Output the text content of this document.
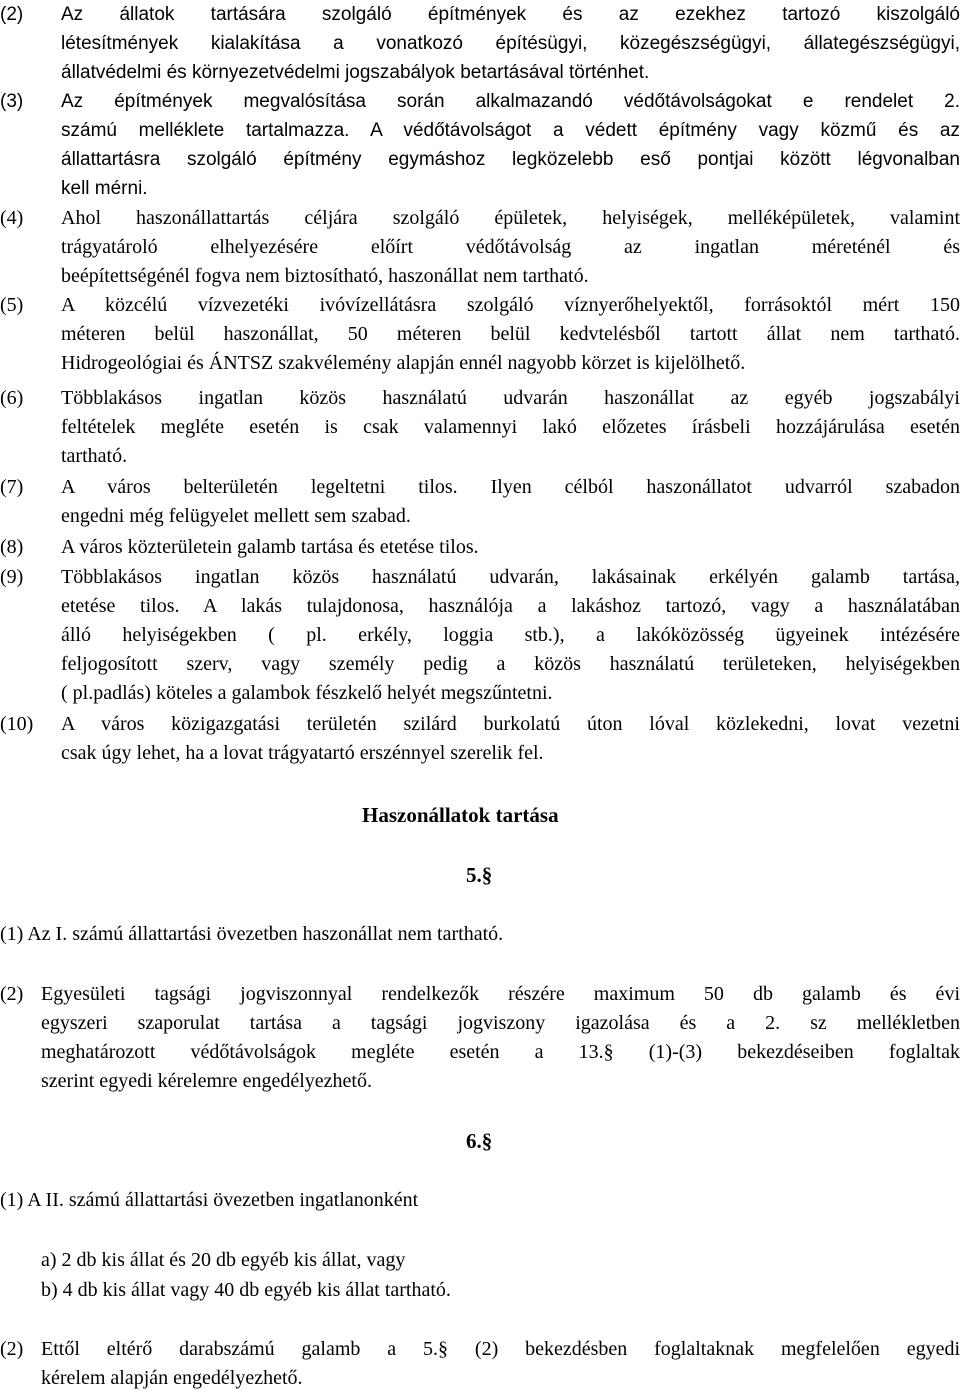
(2)	Az állatok tartására szolgáló építmények és az ezekhez tartozó kiszolgáló
létesítmények kialakítása a vonatkozó építésügyi, közegészségügyi, állategészségügyi,
állatvédelmi és környezetvédelmi jogszabályok betartásával történhet.
(3)	Az építmények megvalósítása során alkalmazandó védőtávolságokat e rendelet 2.
számú melléklete tartalmazza. A védőtávolságot a védett építmény vagy közmű és az
állattartásra szolgáló építmény egymáshoz legközelebb eső pontjai között légvonalban
kell mérni.
(4)	Ahol haszonállattartás céljára szolgáló épületek, helyiségek, melléképületek, valamint
trágyatároló elhelyezésére előírt védőtávolság az ingatlan méreténél és
beépítettségénél fogva nem biztosítható, haszonállat nem tartható.
(5)	A közcélú vízvezetéki ivóvízellátásra szolgáló víznyerőhelyektől, forrásoktól mért 150
méteren belül haszonállat, 50 méteren belül kedvtelésből tartott állat nem tartható.
Hidrogeológiai és ÁNTSZ szakvélemény alapján ennél nagyobb körzet is kijelölhető.
(6)	Többlakásos ingatlan közös használatú udvarán haszonállat az egyéb jogszabályi
feltételek megléte esetén is csak valamennyi lakó előzetes írásbeli hozzájárulása esetén
tartható.
(7)	A város belterületén legeltetni tilos. Ilyen célból haszonállatot udvarról szabadon
engedni még felügyelet mellett sem szabad.
(8)	A város közterületein galamb tartása és etetése tilos.
(9)	Többlakásos ingatlan közös használatú udvarán, lakásainak erkélyén galamb tartása,
etetése tilos. A lakás tulajdonosa, használója a lakáshoz tartozó, vagy a használatában
álló helyiségekben ( pl. erkély, loggia stb.), a lakóközösség ügyeinek intézésére
feljogosított szerv, vagy személy pedig a közös használatú területeken, helyiségekben
( pl.padlás) köteles a galambok fészkelő helyét megszűntetni.
(10)	A város közigazgatási területén szilárd burkolatú úton lóval közlekedni, lovat vezetni
csak úgy lehet, ha a lovat trágyatartó erszénnyel szerelik fel.
Haszonállatok tartása
5.§
(1) Az I. számú állattartási övezetben haszonállat nem tartható.
(2) Egyesületi tagsági jogviszonnyal rendelkezők részére maximum 50 db galamb és évi
egyszeri szaporulat tartása a tagsági jogviszony igazolása és a 2. sz mellékletben
meghatározott védőtávolságok megléte esetén a 13.§ (1)-(3) bekezdéseiben foglaltak
szerint egyedi kérelemre engedélyezhető.
6.§
(1) A II. számú állattartási övezetben ingatlanonként
a) 2 db kis állat és 20 db egyéb kis állat, vagy
b) 4 db kis állat vagy 40 db egyéb kis állat tartható.
(2) Ettől eltérő darabszámú galamb a 5.§ (2) bekezdésben foglaltaknak megfelelően egyedi
kérelem alapján engedélyezhető.
